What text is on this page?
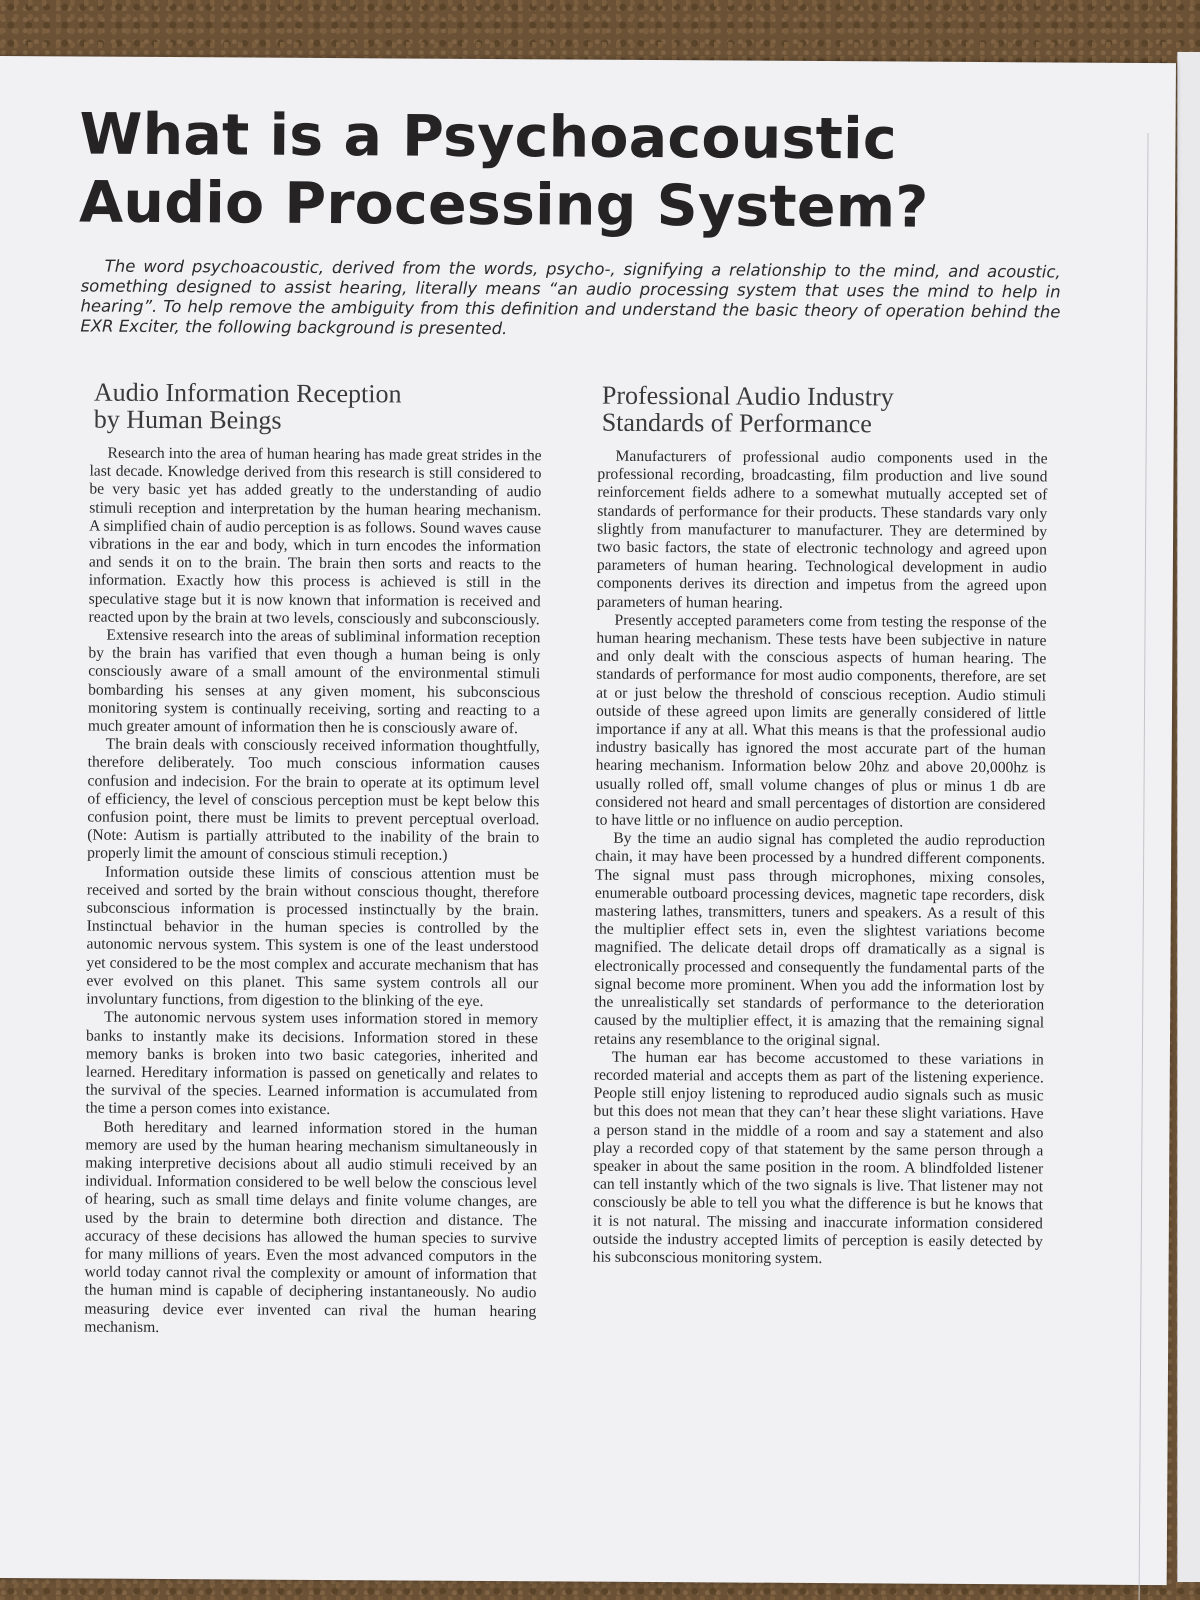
What is a Psychoacoustic
Audio Processing System?

The word psychoacoustic, derived from the words, psycho-, signifying a relationship to the mind, and acoustic, something designed to assist hearing, literally means “an audio processing system that uses the mind to help in hearing”. To help remove the ambiguity from this definition and understand the basic theory of operation behind the EXR Exciter, the following background is presented.

Audio Information Reception
by Human Beings

Research into the area of human hearing has made great strides in the last decade. Knowledge derived from this research is still considered to be very basic yet has added greatly to the understanding of audio stimuli reception and interpretation by the human hearing mechanism. A simplified chain of audio perception is as follows. Sound waves cause vibrations in the ear and body, which in turn encodes the information and sends it on to the brain. The brain then sorts and reacts to the information. Exactly how this process is achieved is still in the speculative stage but it is now known that information is received and reacted upon by the brain at two levels, consciously and subconsciously.

Extensive research into the areas of subliminal information reception by the brain has varified that even though a human being is only consciously aware of a small amount of the environmental stimuli bombarding his senses at any given moment, his subconscious monitoring system is continually receiving, sorting and reacting to a much greater amount of information then he is consciously aware of.

The brain deals with consciously received information thoughtfully, therefore deliberately. Too much conscious information causes confusion and indecision. For the brain to operate at its optimum level of efficiency, the level of conscious perception must be kept below this confusion point, there must be limits to prevent perceptual overload. (Note: Autism is partially attributed to the inability of the brain to properly limit the amount of conscious stimuli reception.)

Information outside these limits of conscious attention must be received and sorted by the brain without conscious thought, therefore subconscious information is processed instinctually by the brain. Instinctual behavior in the human species is controlled by the autonomic nervous system. This system is one of the least understood yet considered to be the most complex and accurate mechanism that has ever evolved on this planet. This same system controls all our involuntary functions, from digestion to the blinking of the eye.

The autonomic nervous system uses information stored in memory banks to instantly make its decisions. Information stored in these memory banks is broken into two basic categories, inherited and learned. Hereditary information is passed on genetically and relates to the survival of the species. Learned information is accumulated from the time a person comes into existance.

Both hereditary and learned information stored in the human memory are used by the human hearing mechanism simultaneously in making interpretive decisions about all audio stimuli received by an individual. Information considered to be well below the conscious level of hearing, such as small time delays and finite volume changes, are used by the brain to determine both direction and distance. The accuracy of these decisions has allowed the human species to survive for many millions of years. Even the most advanced computors in the world today cannot rival the complexity or amount of information that the human mind is capable of deciphering instantaneously. No audio measuring device ever invented can rival the human hearing mechanism.

Professional Audio Industry
Standards of Performance

Manufacturers of professional audio components used in the professional recording, broadcasting, film production and live sound reinforcement fields adhere to a somewhat mutually accepted set of standards of performance for their products. These standards vary only slightly from manufacturer to manufacturer. They are determined by two basic factors, the state of electronic technology and agreed upon parameters of human hearing. Technological development in audio components derives its direction and impetus from the agreed upon parameters of human hearing.

Presently accepted parameters come from testing the response of the human hearing mechanism. These tests have been subjective in nature and only dealt with the conscious aspects of human hearing. The standards of performance for most audio components, therefore, are set at or just below the threshold of conscious reception. Audio stimuli outside of these agreed upon limits are generally considered of little importance if any at all. What this means is that the professional audio industry basically has ignored the most accurate part of the human hearing mechanism. Information below 20hz and above 20,000hz is usually rolled off, small volume changes of plus or minus 1 db are considered not heard and small percentages of distortion are considered to have little or no influence on audio perception.

By the time an audio signal has completed the audio reproduction chain, it may have been processed by a hundred different components. The signal must pass through microphones, mixing consoles, enumerable outboard processing devices, magnetic tape recorders, disk mastering lathes, transmitters, tuners and speakers. As a result of this the multiplier effect sets in, even the slightest variations become magnified. The delicate detail drops off dramatically as a signal is electronically processed and consequently the fundamental parts of the signal become more prominent. When you add the information lost by the unrealistically set standards of performance to the deterioration caused by the multiplier effect, it is amazing that the remaining signal retains any resemblance to the original signal.

The human ear has become accustomed to these variations in recorded material and accepts them as part of the listening experience. People still enjoy listening to reproduced audio signals such as music but this does not mean that they can’t hear these slight variations. Have a person stand in the middle of a room and say a statement and also play a recorded copy of that statement by the same person through a speaker in about the same position in the room. A blindfolded listener can tell instantly which of the two signals is live. That listener may not consciously be able to tell you what the difference is but he knows that it is not natural. The missing and inaccurate information considered outside the industry accepted limits of perception is easily detected by his subconscious monitoring system.
